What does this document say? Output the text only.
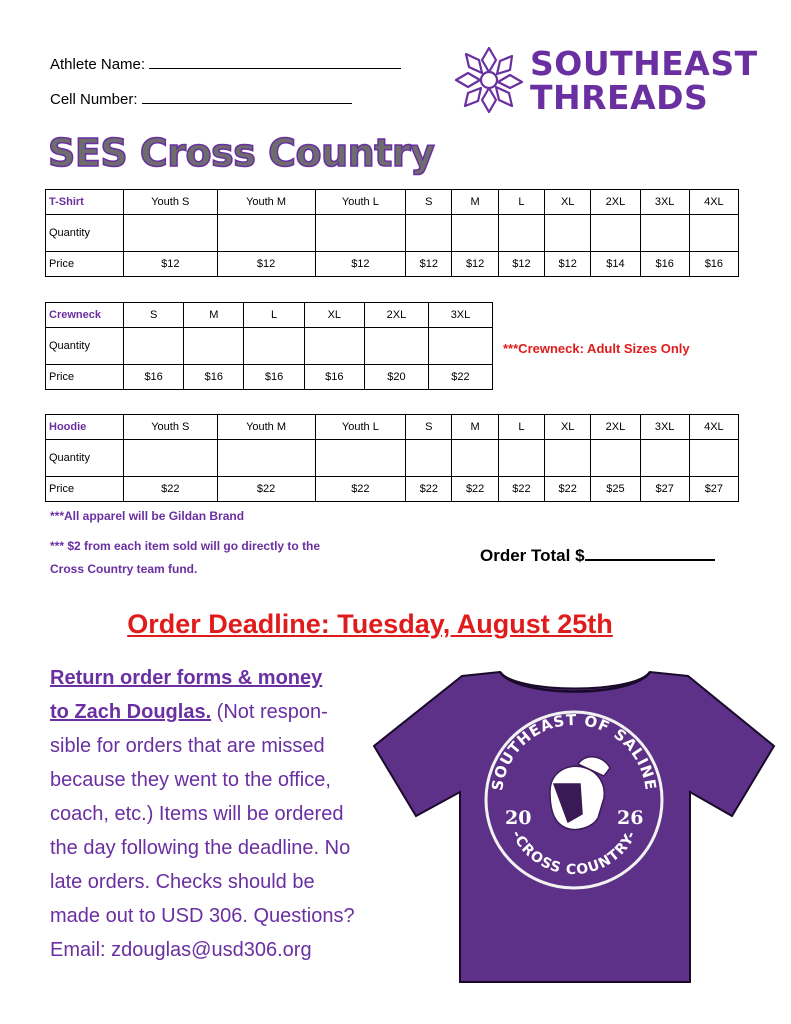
Athlete Name:
Cell Number:
SOUTHEAST
THREADS
SES Cross Country
T-Shirt	Youth S	Youth M	Youth L	S	M	L	XL	2XL	3XL	4XL
Quantity										
Price	$12	$12	$12	$12	$12	$12	$12	$14	$16	$16
Crewneck	S	M	L	XL	2XL	3XL
Quantity						
Price	$16	$16	$16	$16	$20	$22
***Crewneck: Adult Sizes Only
Hoodie	Youth S	Youth M	Youth L	S	M	L	XL	2XL	3XL	4XL
Quantity										
Price	$22	$22	$22	$22	$22	$22	$22	$25	$27	$27
***All apparel will be Gildan Brand
*** $2 from each item sold will go directly to the
Cross Country team fund.
Order Total $
Order Deadline: Tuesday, August 25th
Return order forms & money
to Zach Douglas. (Not respon-sible for orders that are missed because they went to the office, coach, etc.) Items will be ordered the day following the deadline. No late orders. Checks should be made out to USD 306. Questions? Email: zdouglas@usd306.org
SOUTHEAST OF SALINE
-CROSS COUNTRY-
20	26
